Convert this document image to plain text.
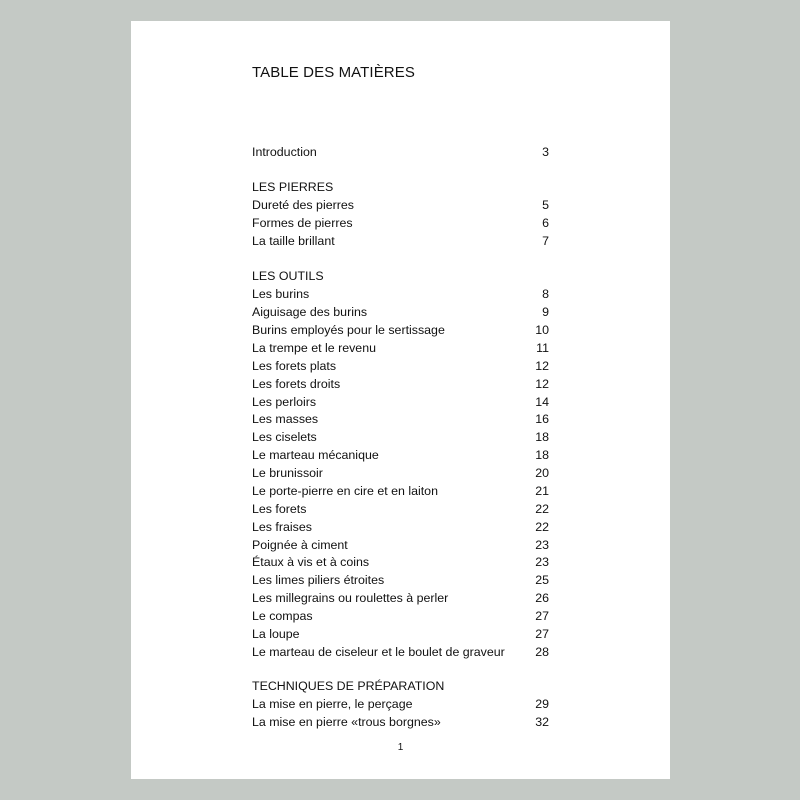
TABLE DES MATIÈRES
Introduction	3
LES PIERRES
Dureté des pierres	5
Formes de pierres	6
La taille brillant	7
LES OUTILS
Les burins	8
Aiguisage des burins	9
Burins employés pour le sertissage	10
La trempe et le revenu	11
Les forets plats	12
Les forets droits	12
Les perloirs	14
Les masses	16
Les ciselets	18
Le marteau mécanique	18
Le brunissoir	20
Le porte-pierre en cire et en laiton	21
Les forets	22
Les fraises	22
Poignée à ciment	23
Étaux à vis et à coins	23
Les limes piliers étroites	25
Les millegrains ou roulettes à perler	26
Le compas	27
La loupe	27
Le marteau de ciseleur et le boulet de graveur 28
TECHNIQUES DE PRÉPARATION
La mise en pierre, le perçage	29
La mise en pierre «trous borgnes»	32
1
